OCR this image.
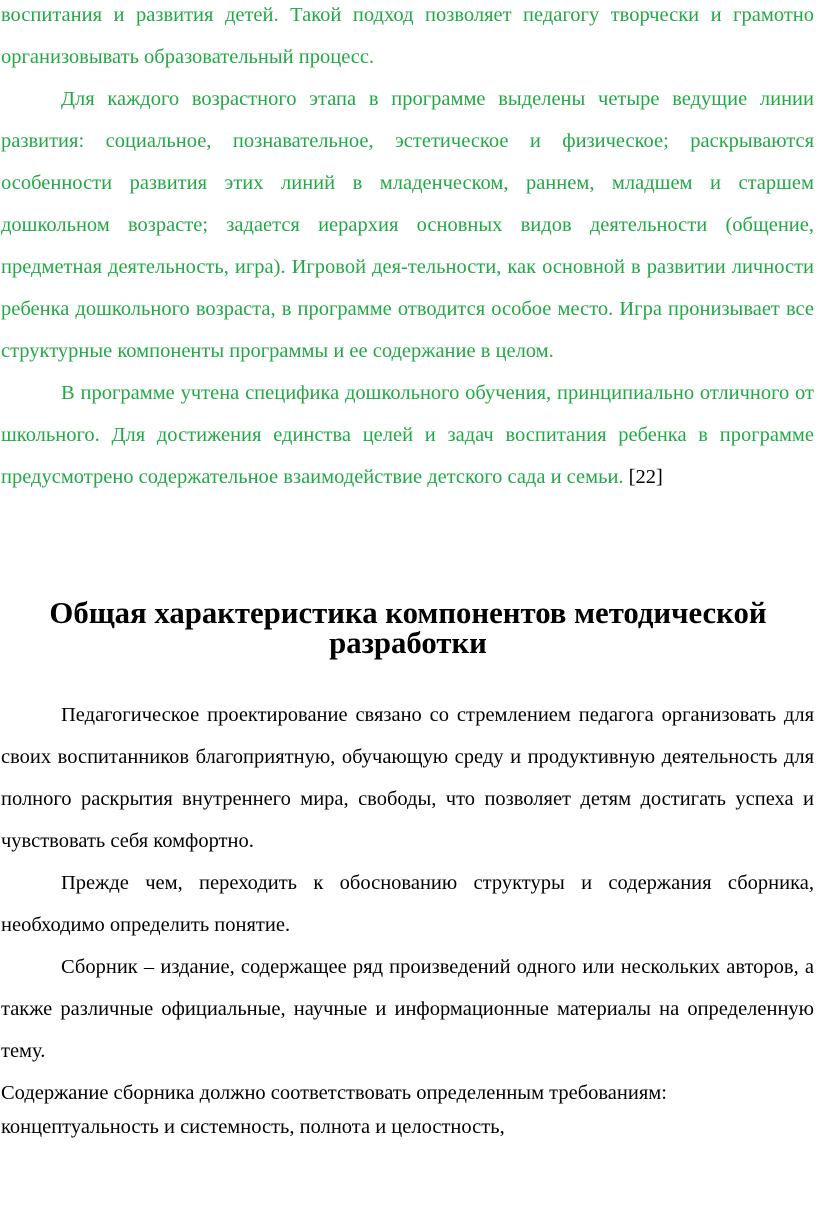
воспитания и развития детей. Такой подход позволяет педагогу творчески и грамотно организовывать образовательный процесс.

Для каждого возрастного этапа в программе выделены четыре ведущие линии развития: социальное, познавательное, эстетическое и физическое; раскрываются особенности развития этих линий в младенческом, раннем, младшем и старшем дошкольном возрасте; задается иерархия основных видов деятельности (общение, предметная деятельность, игра). Игровой дея-тельности, как основной в развитии личности ребенка дошкольного возраста, в программе отводится особое место. Игра пронизывает все структурные компоненты программы и ее содержание в целом.

В программе учтена специфика дошкольного обучения, принципиально отличного от школьного. Для достижения единства целей и задач воспитания ребенка в программе предусмотрено содержательное взаимодействие детского сада и семьи. [22]

Общая характеристика компонентов методической разработки

Педагогическое проектирование связано со стремлением педагога организовать для своих воспитанников благоприятную, обучающую среду и продуктивную деятельность для полного раскрытия внутреннего мира, свободы, что позволяет детям достигать успеха и чувствовать себя комфортно.

Прежде чем, переходить к обоснованию структуры и содержания сборника, необходимо определить понятие.

Сборник – издание, содержащее ряд произведений одного или нескольких авторов, а также различные официальные, научные и информационные материалы на определенную тему.

Содержание сборника должно соответствовать определенным требованиям:

концептуальность и системность, полнота и целостность,
